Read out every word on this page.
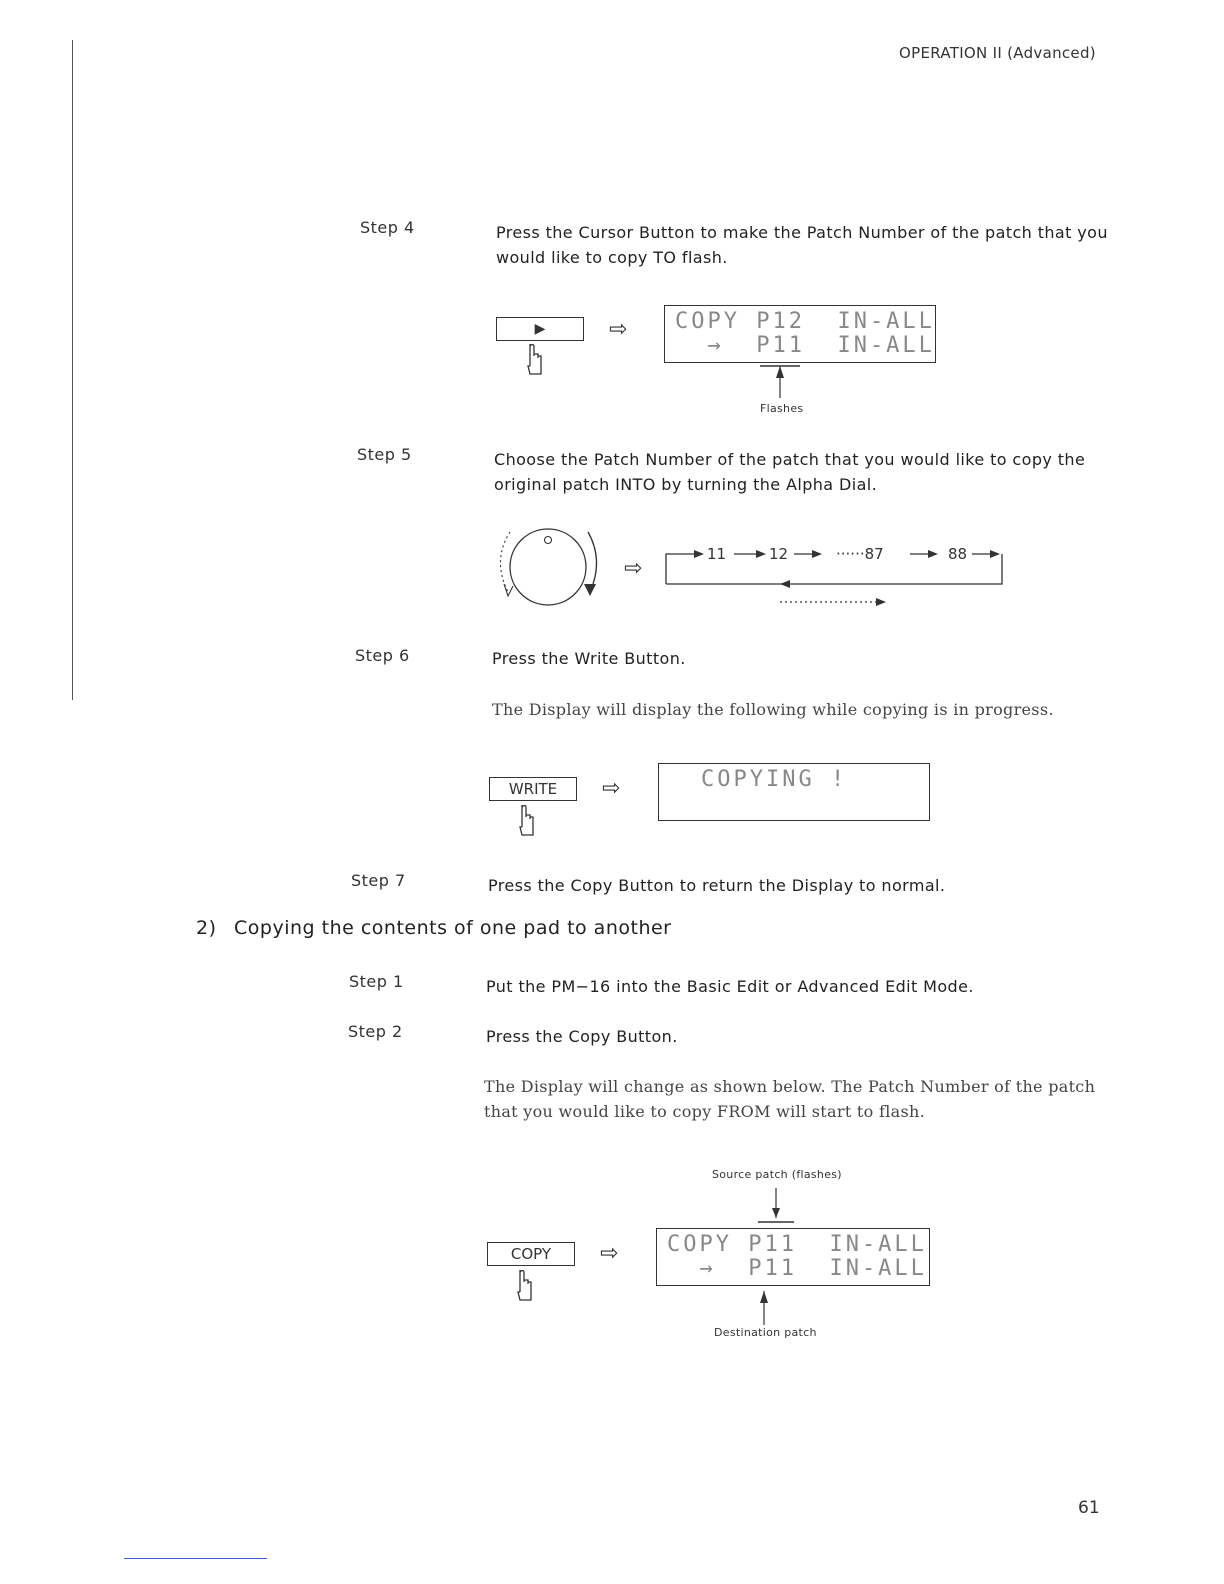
OPERATION II (Advanced)
Step 4	Press the Cursor Button to make the Patch Number of the patch that you would like to copy TO flash.
▶	⇨ COPY P12  IN-ALL
→  P11  IN-ALL
Flashes
Step 5	Choose the Patch Number of the patch that you would like to copy the original patch INTO by turning the Alpha Dial.
⇨
11	12	······87	88
Step 6	Press the Write Button.
The Display will display the following while copying is in progress.
WRITE	⇨	COPYING !
Step 7	Press the Copy Button to return the Display to normal.
2) Copying the contents of one pad to another
Step 1	Put the PM−16 into the Basic Edit or Advanced Edit Mode.
Step 2	Press the Copy Button.
The Display will change as shown below. The Patch Number of the patch that you would like to copy FROM will start to flash.
Source patch (flashes)
COPY	⇨ COPY P11  IN-ALL
→  P11  IN-ALL
Destination patch
61
